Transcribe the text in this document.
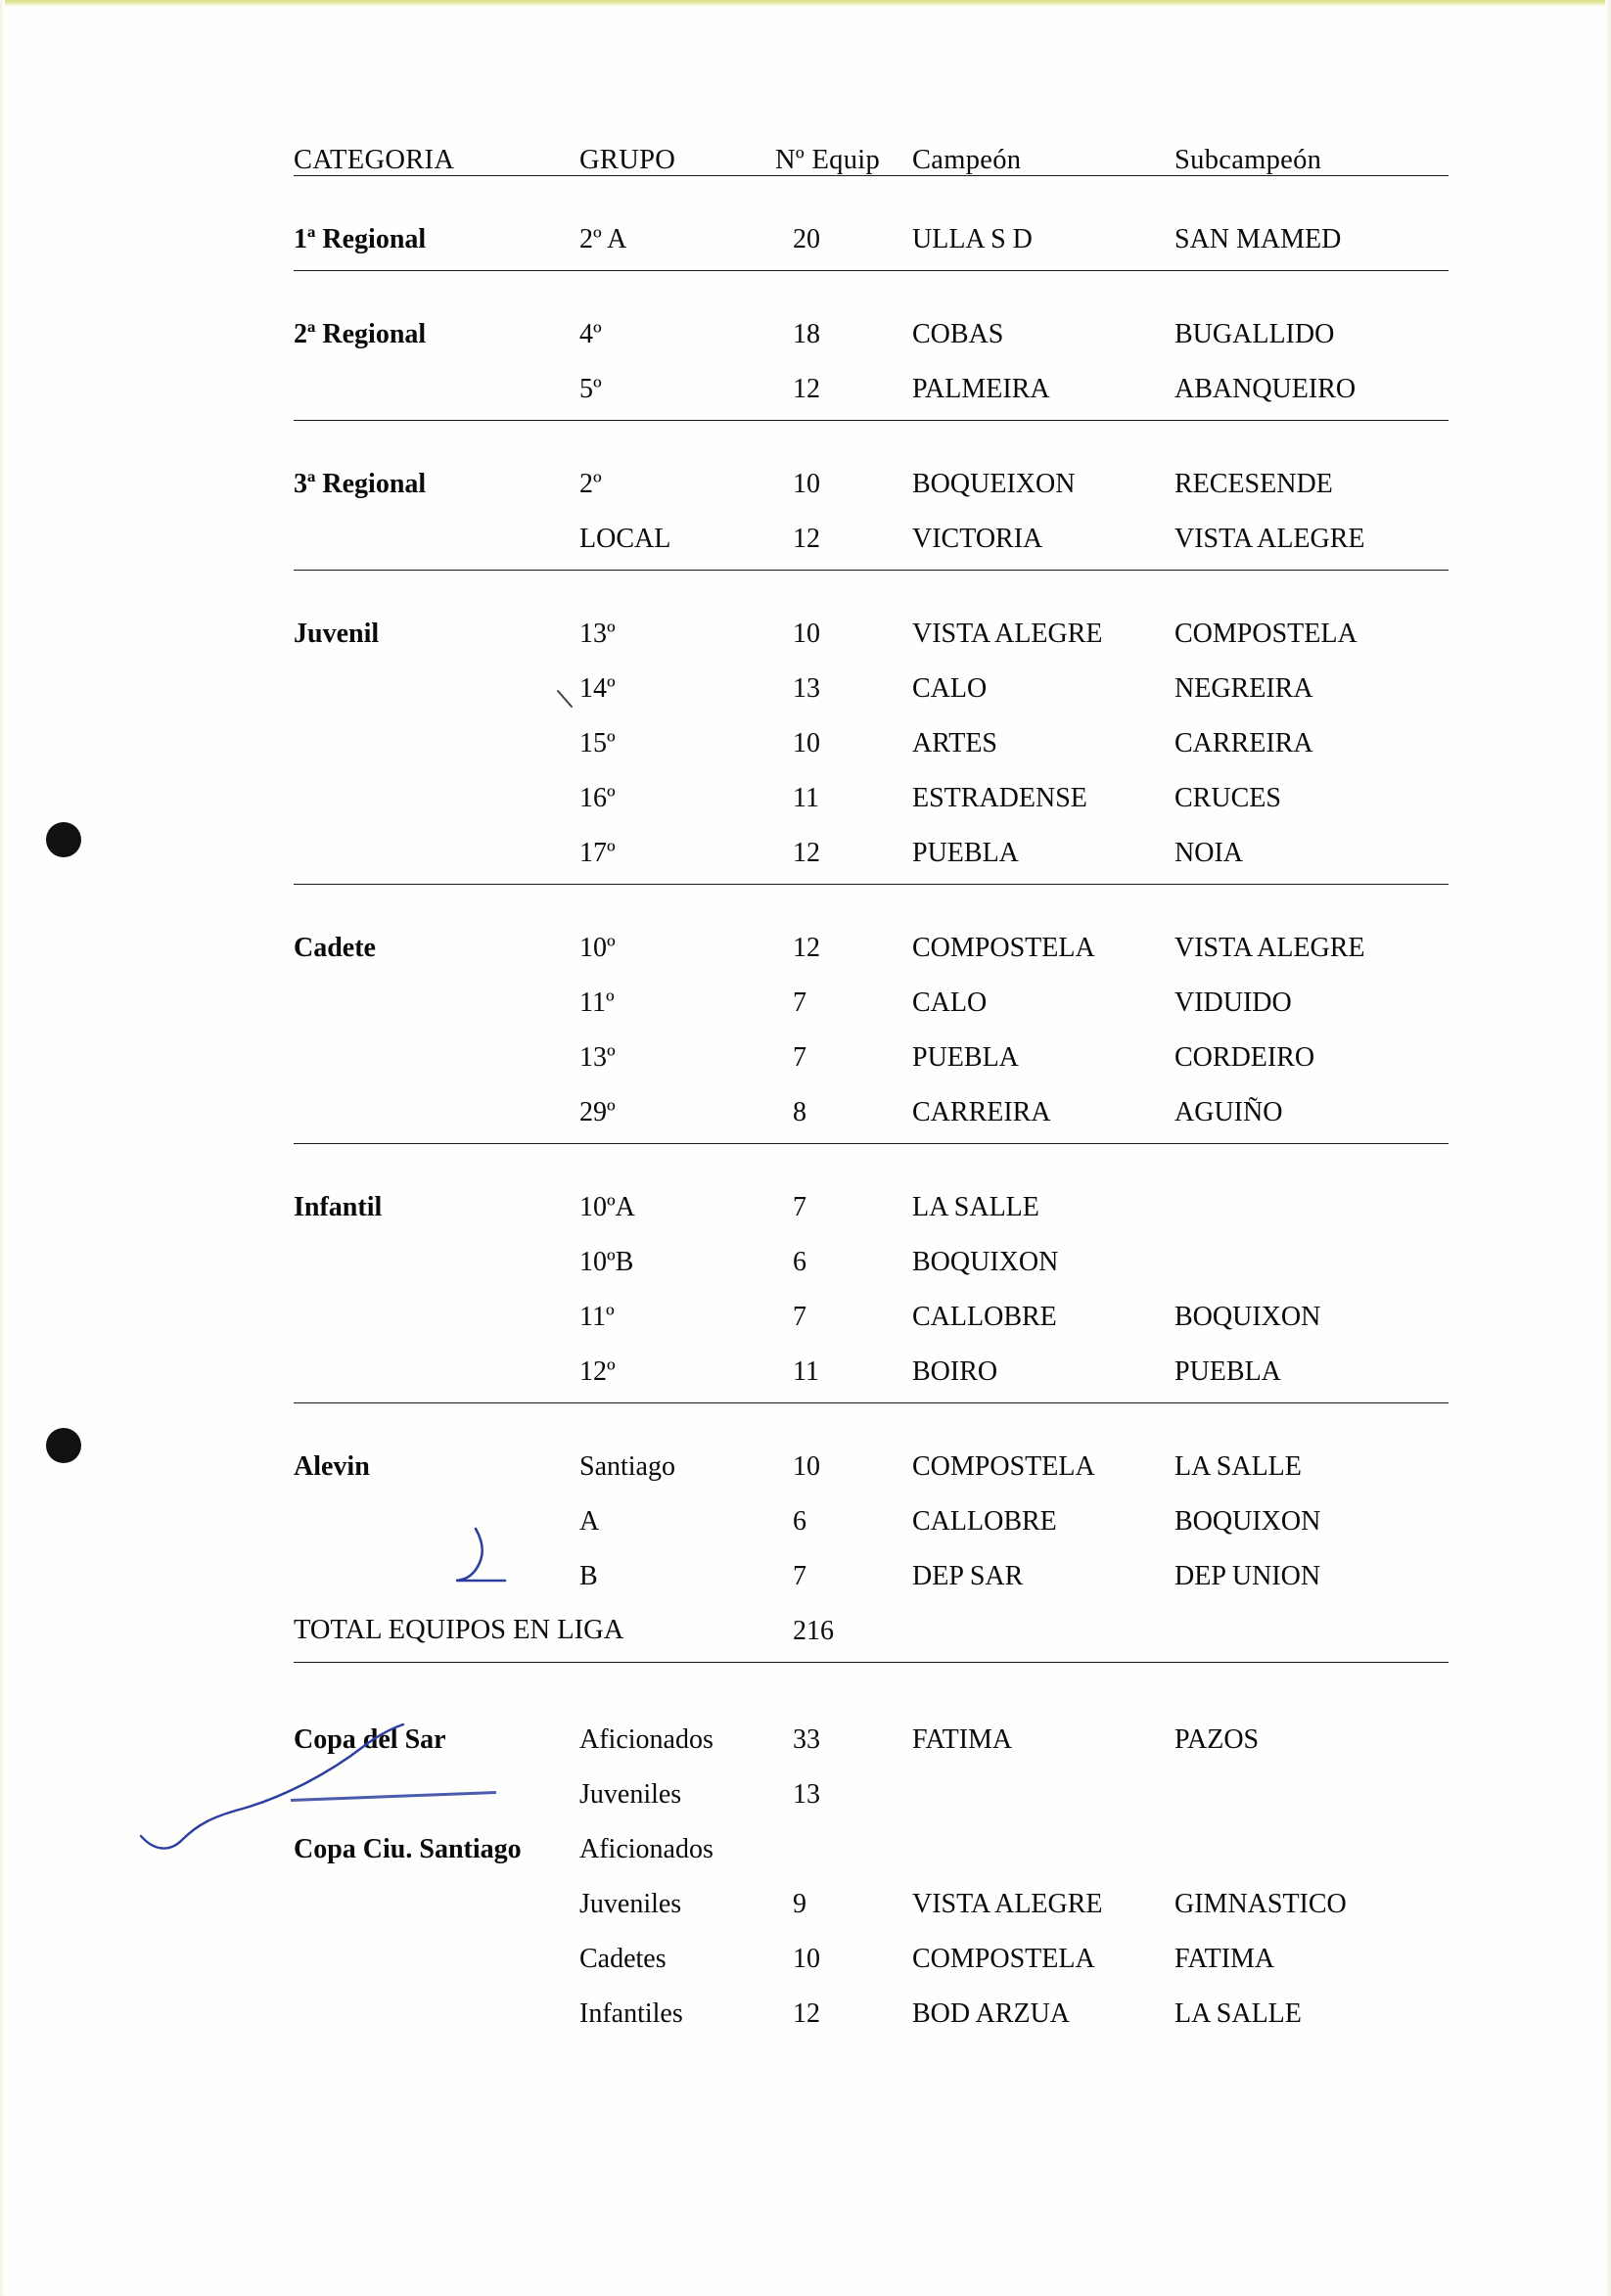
CATEGORIA	GRUPO	Nº Equip	Campeón	Subcampeón

1ª Regional	2º A	20	ULLA S D	SAN MAMED

2ª Regional	4º	18	COBAS	BUGALLIDO
	5º	12	PALMEIRA	ABANQUEIRO

3ª Regional	2º	10	BOQUEIXON	RECESENDE
	LOCAL	12	VICTORIA	VISTA ALEGRE

Juvenil	13º	10	VISTA ALEGRE	COMPOSTELA
	14º	13	CALO	NEGREIRA
	15º	10	ARTES	CARREIRA
	16º	11	ESTRADENSE	CRUCES
	17º	12	PUEBLA	NOIA

Cadete	10º	12	COMPOSTELA	VISTA ALEGRE
	11º	7	CALO	VIDUIDO
	13º	7	PUEBLA	CORDEIRO
	29º	8	CARREIRA	AGUIÑO

Infantil	10ºA	7	LA SALLE	
	10ºB	6	BOQUIXON	
	11º	7	CALLOBRE	BOQUIXON
	12º	11	BOIRO	PUEBLA

Alevin	Santiago	10	COMPOSTELA	LA SALLE
	A	6	CALLOBRE	BOQUIXON
	B	7	DEP SAR	DEP UNION
TOTAL EQUIPOS EN LIGA		216		

Copa del Sar	Aficionados	33	FATIMA	PAZOS
	Juveniles	13		
Copa Ciu. Santiago	Aficionados			
	Juveniles	9	VISTA ALEGRE	GIMNASTICO
	Cadetes	10	COMPOSTELA	FATIMA
	Infantiles	12	BOD ARZUA	LA SALLE
